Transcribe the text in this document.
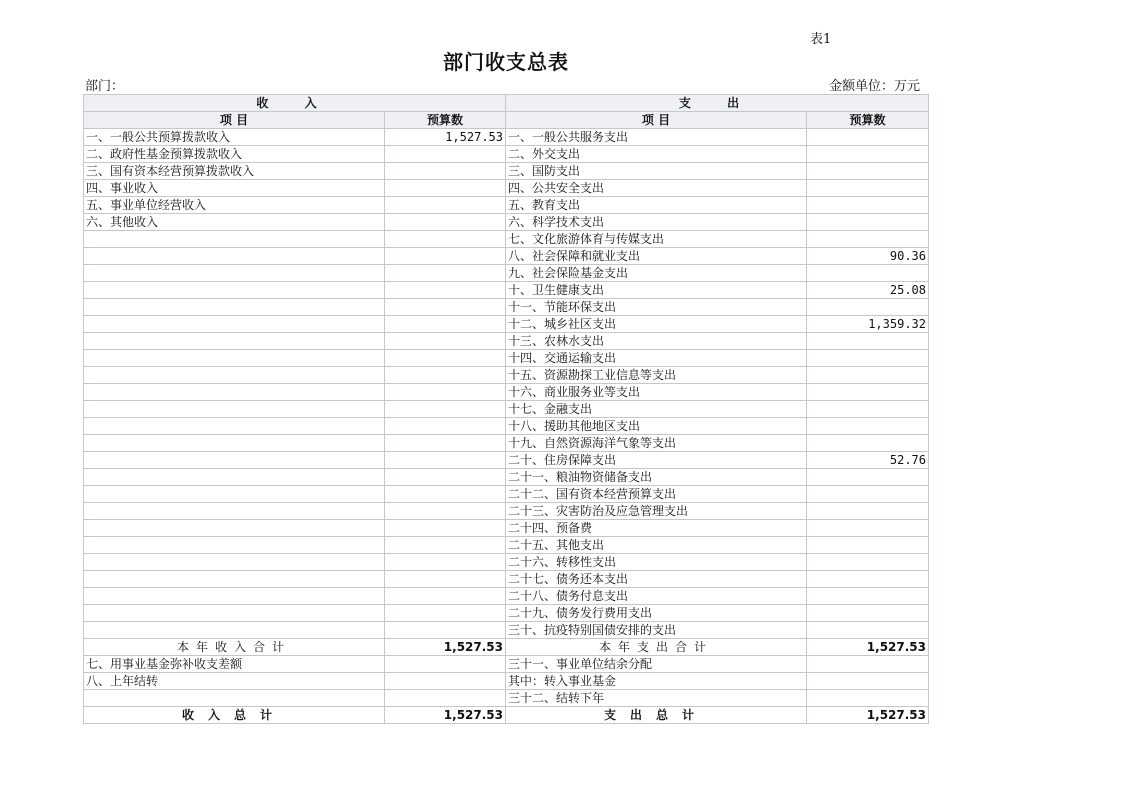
表1
部门收支总表
部门：	金额单位：万元
收 入		支 出	
项 目	预算数	项 目	预算数
一、一般公共预算拨款收入	1,527.53	一、一般公共服务支出	
二、政府性基金预算拨款收入		二、外交支出	
三、国有资本经营预算拨款收入		三、国防支出	
四、事业收入		四、公共安全支出	
五、事业单位经营收入		五、教育支出	
六、其他收入		六、科学技术支出	
		七、文化旅游体育与传媒支出	
		八、社会保障和就业支出	90.36
		九、社会保险基金支出	
		十、卫生健康支出	25.08
		十一、节能环保支出	
		十二、城乡社区支出	1,359.32
		十三、农林水支出	
		十四、交通运输支出	
		十五、资源勘探工业信息等支出	
		十六、商业服务业等支出	
		十七、金融支出	
		十八、援助其他地区支出	
		十九、自然资源海洋气象等支出	
		二十、住房保障支出	52.76
		二十一、粮油物资储备支出	
		二十二、国有资本经营预算支出	
		二十三、灾害防治及应急管理支出	
		二十四、预备费	
		二十五、其他支出	
		二十六、转移性支出	
		二十七、债务还本支出	
		二十八、债务付息支出	
		二十九、债务发行费用支出	
		三十、抗疫特别国债安排的支出	
本年收入合计	1,527.53	本年支出合计	1,527.53
七、用事业基金弥补收支差额		三十一、事业单位结余分配	
八、上年结转		其中：转入事业基金	
		三十二、结转下年	
收入总计	1,527.53	支出总计	1,527.53
